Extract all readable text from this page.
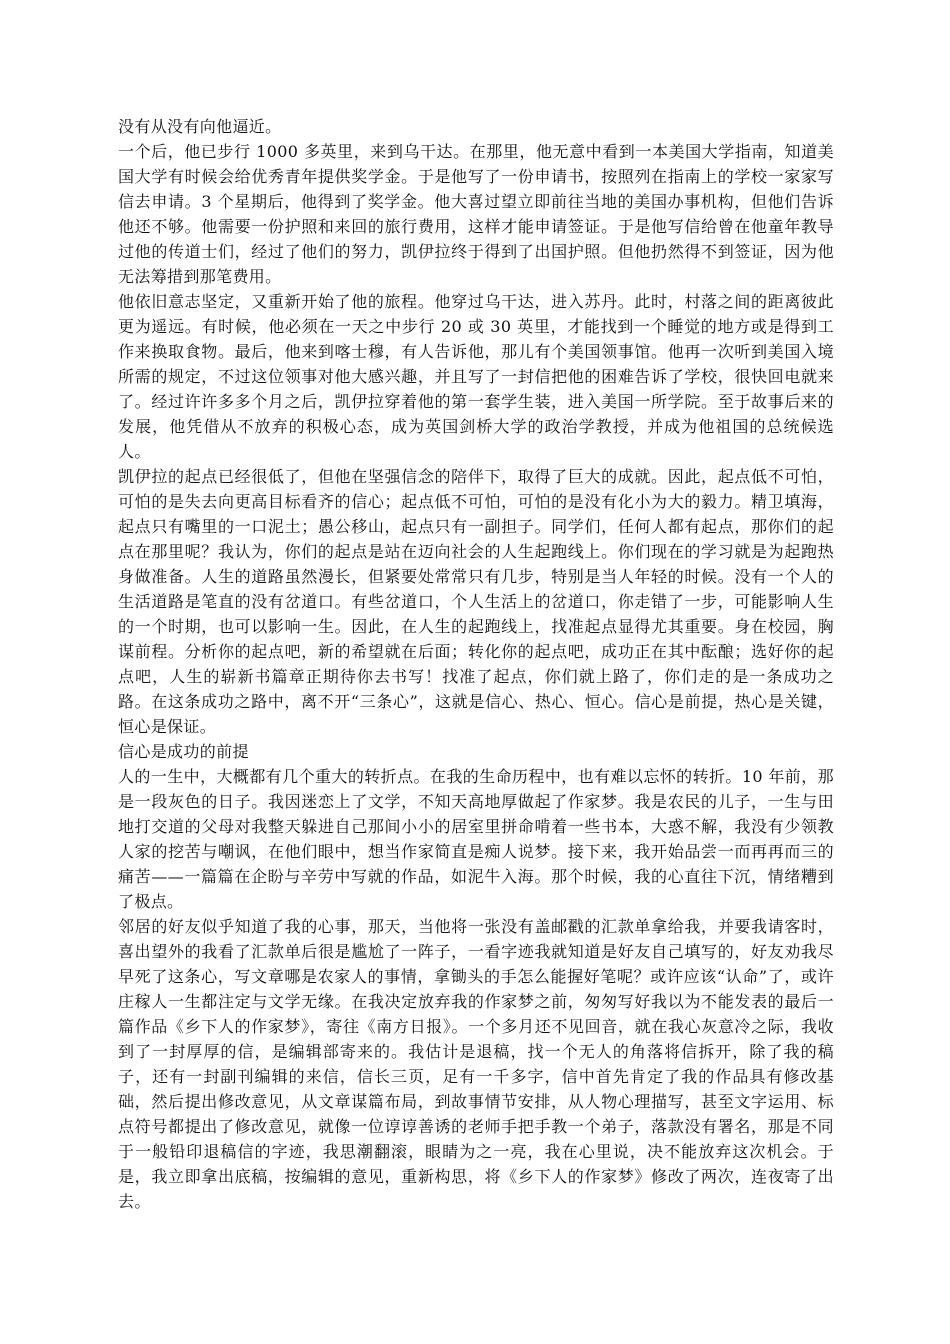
没有从没有向他逼近。

一个后，他已步行 1000 多英里，来到乌干达。在那里，他无意中看到一本美国大学指南，知道美国大学有时候会给优秀青年提供奖学金。于是他写了一份申请书，按照列在指南上的学校一家家写信去申请。3 个星期后，他得到了奖学金。他大喜过望立即前往当地的美国办事机构，但他们告诉他还不够。他需要一份护照和来回的旅行费用，这样才能申请签证。于是他写信给曾在他童年教导过他的传道士们，经过了他们的努力，凯伊拉终于得到了出国护照。但他扔然得不到签证，因为他无法筹措到那笔费用。

他依旧意志坚定，又重新开始了他的旅程。他穿过乌干达，进入苏丹。此时，村落之间的距离彼此更为遥远。有时候，他必须在一天之中步行 20 或 30 英里，才能找到一个睡觉的地方或是得到工作来换取食物。最后，他来到喀士穆，有人告诉他，那儿有个美国领事馆。他再一次听到美国入境所需的规定，不过这位领事对他大感兴趣，并且写了一封信把他的困难告诉了学校，很快回电就来了。经过许许多多个月之后，凯伊拉穿着他的第一套学生装，进入美国一所学院。至于故事后来的发展，他凭借从不放弃的积极心态，成为英国剑桥大学的政治学教授，并成为他祖国的总统候选人。

凯伊拉的起点已经很低了，但他在坚强信念的陪伴下，取得了巨大的成就。因此，起点低不可怕，可怕的是失去向更高目标看齐的信心；起点低不可怕，可怕的是没有化小为大的毅力。精卫填海，起点只有嘴里的一口泥土；愚公移山，起点只有一副担子。同学们，任何人都有起点，那你们的起点在那里呢？我认为，你们的起点是站在迈向社会的人生起跑线上。你们现在的学习就是为起跑热身做准备。人生的道路虽然漫长，但紧要处常常只有几步，特别是当人年轻的时候。没有一个人的生活道路是笔直的没有岔道口。有些岔道口，个人生活上的岔道口，你走错了一步，可能影响人生的一个时期，也可以影响一生。因此，在人生的起跑线上，找准起点显得尤其重要。身在校园，胸谋前程。分析你的起点吧，新的希望就在后面；转化你的起点吧，成功正在其中酝酿；选好你的起点吧，人生的崭新书篇章正期待你去书写！找准了起点，你们就上路了，你们走的是一条成功之路。在这条成功之路中，离不开“三条心”，这就是信心、热心、恒心。信心是前提，热心是关键，恒心是保证。

信心是成功的前提

人的一生中，大概都有几个重大的转折点。在我的生命历程中，也有难以忘怀的转折。10 年前，那是一段灰色的日子。我因迷恋上了文学，不知天高地厚做起了作家梦。我是农民的儿子，一生与田地打交道的父母对我整天躲进自己那间小小的居室里拼命啃着一些书本，大惑不解，我没有少领教人家的挖苦与嘲讽，在他们眼中，想当作家简直是痴人说梦。接下来，我开始品尝一而再再而三的痛苦——一篇篇在企盼与辛劳中写就的作品，如泥牛入海。那个时候，我的心直往下沉，情绪糟到了极点。

邻居的好友似乎知道了我的心事，那天，当他将一张没有盖邮戳的汇款单拿给我，并要我请客时，喜出望外的我看了汇款单后很是尴尬了一阵子，一看字迹我就知道是好友自己填写的，好友劝我尽早死了这条心，写文章哪是农家人的事情，拿锄头的手怎么能握好笔呢？或许应该“认命”了，或许庄稼人一生都注定与文学无缘。在我决定放弃我的作家梦之前，匆匆写好我以为不能发表的最后一篇作品《乡下人的作家梦》，寄往《南方日报》。一个多月还不见回音，就在我心灰意冷之际，我收到了一封厚厚的信，是编辑部寄来的。我估计是退稿，找一个无人的角落将信拆开，除了我的稿子，还有一封副刊编辑的来信，信长三页，足有一千多字，信中首先肯定了我的作品具有修改基础，然后提出修改意见，从文章谋篇布局，到故事情节安排，从人物心理描写，甚至文字运用、标点符号都提出了修改意见，就像一位谆谆善诱的老师手把手教一个弟子，落款没有署名，那是不同于一般铅印退稿信的字迹，我思潮翻滚，眼睛为之一亮，我在心里说，决不能放弃这次机会。于是，我立即拿出底稿，按编辑的意见，重新构思，将《乡下人的作家梦》修改了两次，连夜寄了出去。
